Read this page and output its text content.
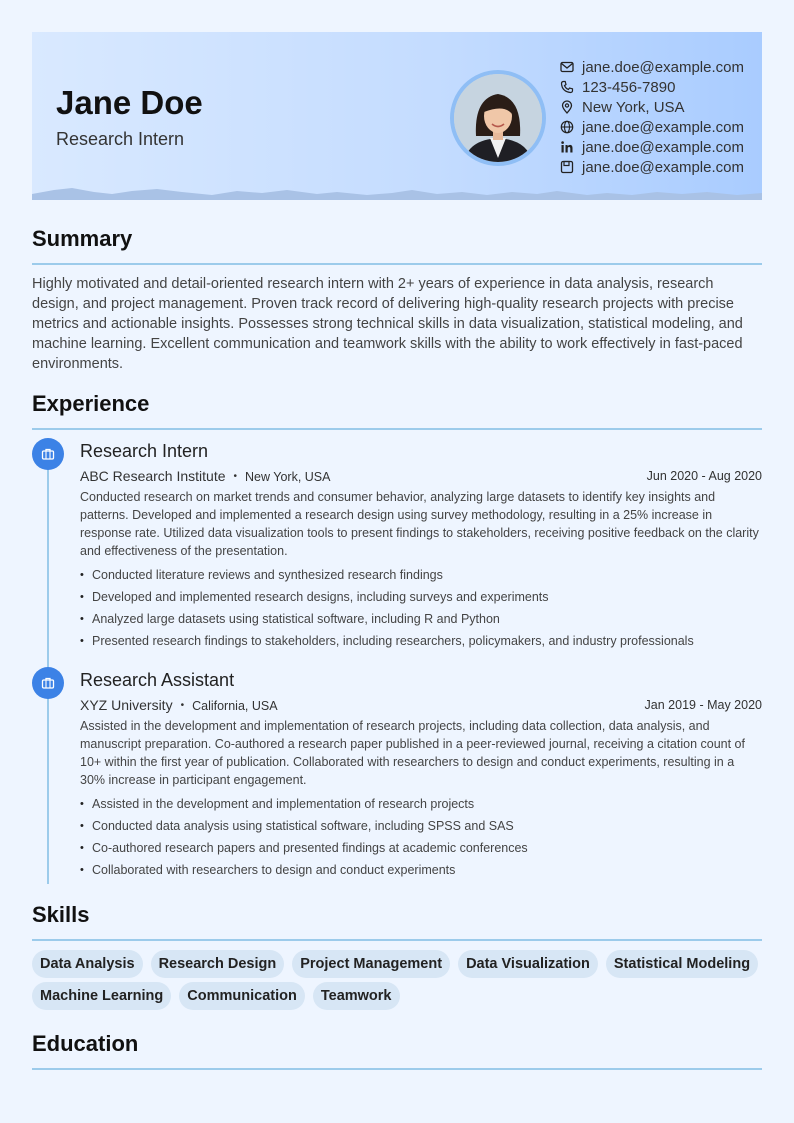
Jane Doe
Research Intern
jane.doe@example.com
123-456-7890
New York, USA
jane.doe@example.com
jane.doe@example.com
jane.doe@example.com
Summary

Highly motivated and detail-oriented research intern with 2+ years of experience in data analysis, research design, and project management. Proven track record of delivering high-quality research projects with precise metrics and actionable insights. Possesses strong technical skills in data visualization, statistical modeling, and machine learning. Excellent communication and teamwork skills with the ability to work effectively in fast-paced environments.

Experience
Research Intern
ABC Research Institute • New York, USA	Jun 2020 - Aug 2020

Conducted research on market trends and consumer behavior, analyzing large datasets to identify key insights and patterns. Developed and implemented a research design using survey methodology, resulting in a 25% increase in response rate. Utilized data visualization tools to present findings to stakeholders, receiving positive feedback on the clarity and effectiveness of the presentation.

• Conducted literature reviews and synthesized research findings
• Developed and implemented research designs, including surveys and experiments
• Analyzed large datasets using statistical software, including R and Python
• Presented research findings to stakeholders, including researchers, policymakers, and industry professionals
Research Assistant
XYZ University • California, USA	Jan 2019 - May 2020

Assisted in the development and implementation of research projects, including data collection, data analysis, and manuscript preparation. Co-authored a research paper published in a peer-reviewed journal, receiving a citation count of 10+ within the first year of publication. Collaborated with researchers to design and conduct experiments, resulting in a 30% increase in participant engagement.

• Assisted in the development and implementation of research projects
• Conducted data analysis using statistical software, including SPSS and SAS
• Co-authored research papers and presented findings at academic conferences
• Collaborated with researchers to design and conduct experiments
Skills
Data Analysis	Research Design	Project Management	Data Visualization	Statistical Modeling
Machine Learning	Communication	Teamwork
Education
